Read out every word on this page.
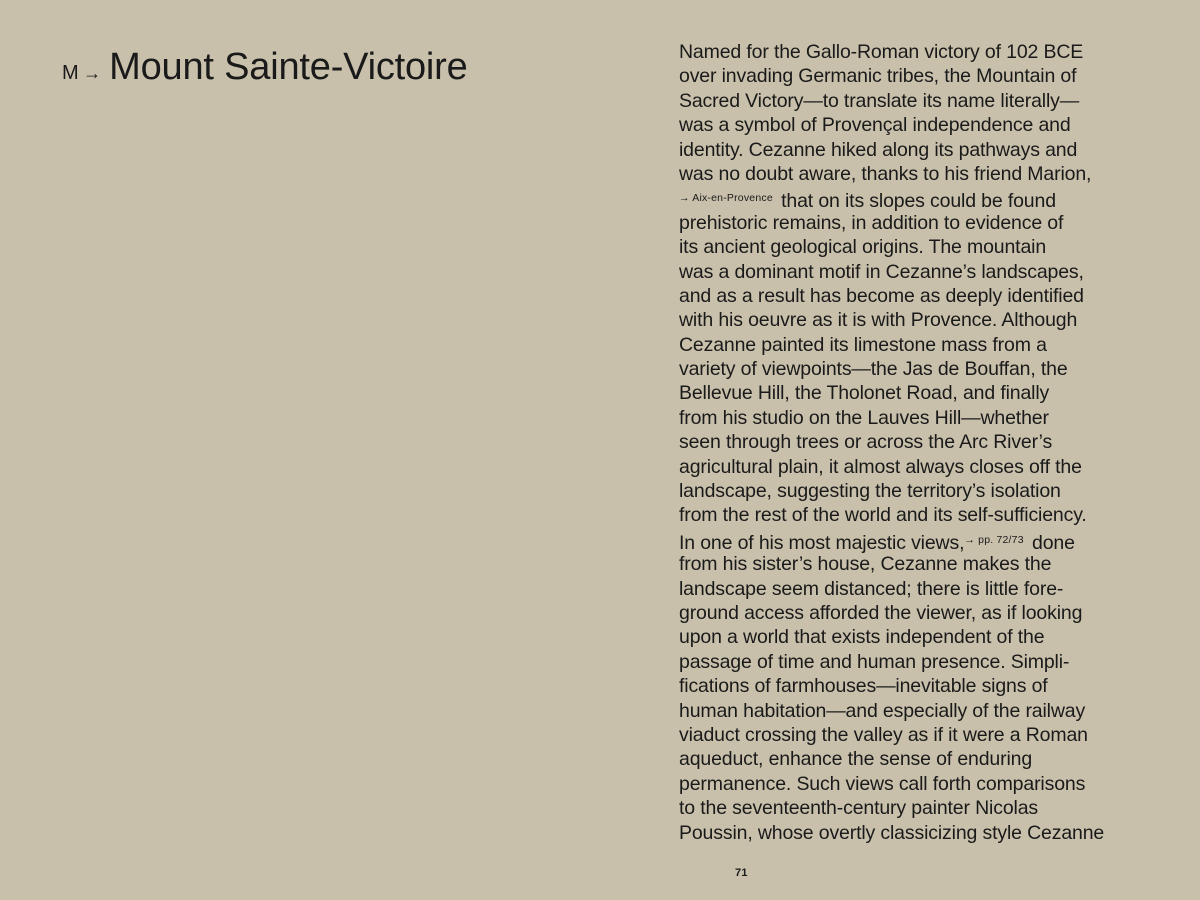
M → Mount Sainte-Victoire	Named for the Gallo-Roman victory of 102 BCE
over invading Germanic tribes, the Mountain of
Sacred Victory—to translate its name literally—
was a symbol of Provençal independence and
identity. Cezanne hiked along its pathways and
was no doubt aware, thanks to his friend Marion,
$^{\to Aix-en-Provence}$ that on its slopes could be found
prehistoric remains, in addition to evidence of
its ancient geological origins. The mountain
was a dominant motif in Cezanne’s landscapes,
and as a result has become as deeply identified
with his oeuvre as it is with Provence. Although
Cezanne painted its limestone mass from a
variety of viewpoints—the Jas de Bouffan, the
Bellevue Hill, the Tholonet Road, and finally
from his studio on the Lauves Hill—whether
seen through trees or across the Arc River’s
agricultural plain, it almost always closes off the
landscape, suggesting the territory’s isolation
from the rest of the world and its self-sufficiency.
In one of his most majestic views,$^{\to pp. 72/73}$ done
from his sister’s house, Cezanne makes the
landscape seem distanced; there is little fore-
ground access afforded the viewer, as if looking
upon a world that exists independent of the
passage of time and human presence. Simpli-
fications of farmhouses—inevitable signs of
human habitation—and especially of the railway
viaduct crossing the valley as if it were a Roman
aqueduct, enhance the sense of enduring
permanence. Such views call forth comparisons
to the seventeenth-century painter Nicolas
Poussin, whose overtly classicizing style Cezanne
71
